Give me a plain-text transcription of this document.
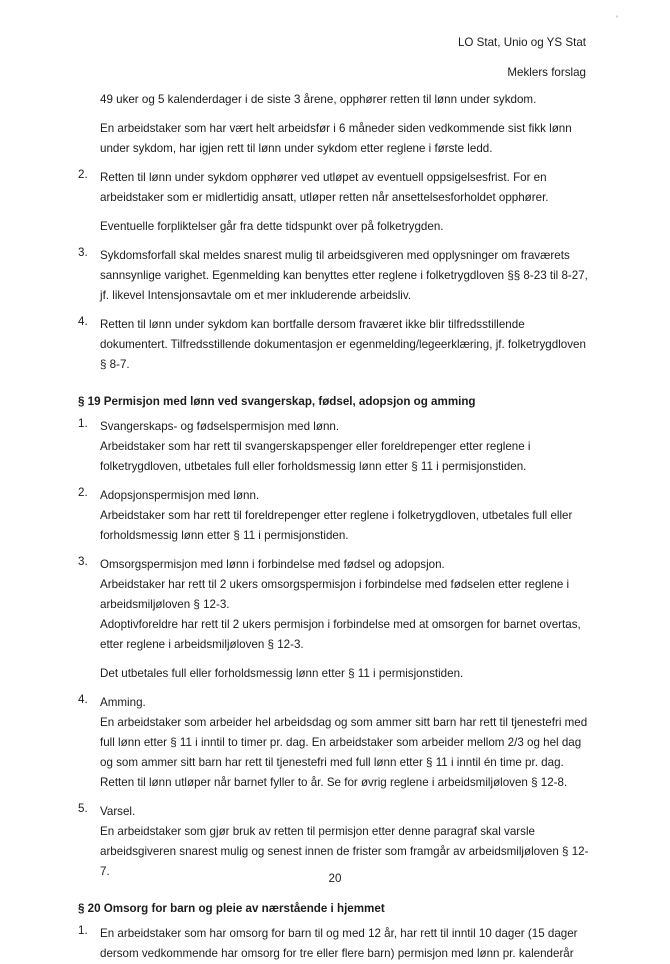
°
LO Stat, Unio og YS Stat
Meklers forslag

49 uker og 5 kalenderdager i de siste 3 årene, opphører retten til lønn under sykdom.

En arbeidstaker som har vært helt arbeidsfør i 6 måneder siden vedkommende sist fikk lønn under sykdom, har igjen rett til lønn under sykdom etter reglene i første ledd.

2. Retten til lønn under sykdom opphører ved utløpet av eventuell oppsigelsesfrist. For en arbeidstaker som er midlertidig ansatt, utløper retten når ansettelsesforholdet opphører.

Eventuelle forpliktelser går fra dette tidspunkt over på folketrygden.

3. Sykdomsforfall skal meldes snarest mulig til arbeidsgiveren med opplysninger om fraværets sannsynlige varighet. Egenmelding kan benyttes etter reglene i folketrygdloven §§ 8-23 til 8-27, jf. likevel Intensjonsavtale om et mer inkluderende arbeidsliv.

4. Retten til lønn under sykdom kan bortfalle dersom fraværet ikke blir tilfredsstillende dokumentert. Tilfredsstillende dokumentasjon er egenmelding/legeerklæring, jf. folketrygdloven § 8-7.

§ 19 Permisjon med lønn ved svangerskap, fødsel, adopsjon og amming
1. Svangerskaps- og fødselspermisjon med lønn.

Arbeidstaker som har rett til svangerskapspenger eller foreldrepenger etter reglene i folketrygdloven, utbetales full eller forholdsmessig lønn etter § 11 i permisjonstiden.

2. Adopsjonspermisjon med lønn.

Arbeidstaker som har rett til foreldrepenger etter reglene i folketrygdloven, utbetales full eller forholdsmessig lønn etter § 11 i permisjonstiden.

3. Omsorgspermisjon med lønn i forbindelse med fødsel og adopsjon.

Arbeidstaker har rett til 2 ukers omsorgspermisjon i forbindelse med fødselen etter reglene i arbeidsmiljøloven § 12-3.

Adoptivforeldre har rett til 2 ukers permisjon i forbindelse med at omsorgen for barnet overtas, etter reglene i arbeidsmiljøloven § 12-3.

Det utbetales full eller forholdsmessig lønn etter § 11 i permisjonstiden.

4. Amming.

En arbeidstaker som arbeider hel arbeidsdag og som ammer sitt barn har rett til tjenestefri med full lønn etter § 11 i inntil to timer pr. dag. En arbeidstaker som arbeider mellom 2/3 og hel dag og som ammer sitt barn har rett til tjenestefri med full lønn etter § 11 i inntil én time pr. dag. Retten til lønn utløper når barnet fyller to år. Se for øvrig reglene i arbeidsmiljøloven § 12-8.

5. Varsel.

En arbeidstaker som gjør bruk av retten til permisjon etter denne paragraf skal varsle arbeidsgiveren snarest mulig og senest innen de frister som framgår av arbeidsmiljøloven § 12-7.

§ 20 Omsorg for barn og pleie av nærstående i hjemmet
1. En arbeidstaker som har omsorg for barn til og med 12 år, har rett til inntil 10 dager (15 dager dersom vedkommende har omsorg for tre eller flere barn) permisjon med lønn pr. kalenderår

20
